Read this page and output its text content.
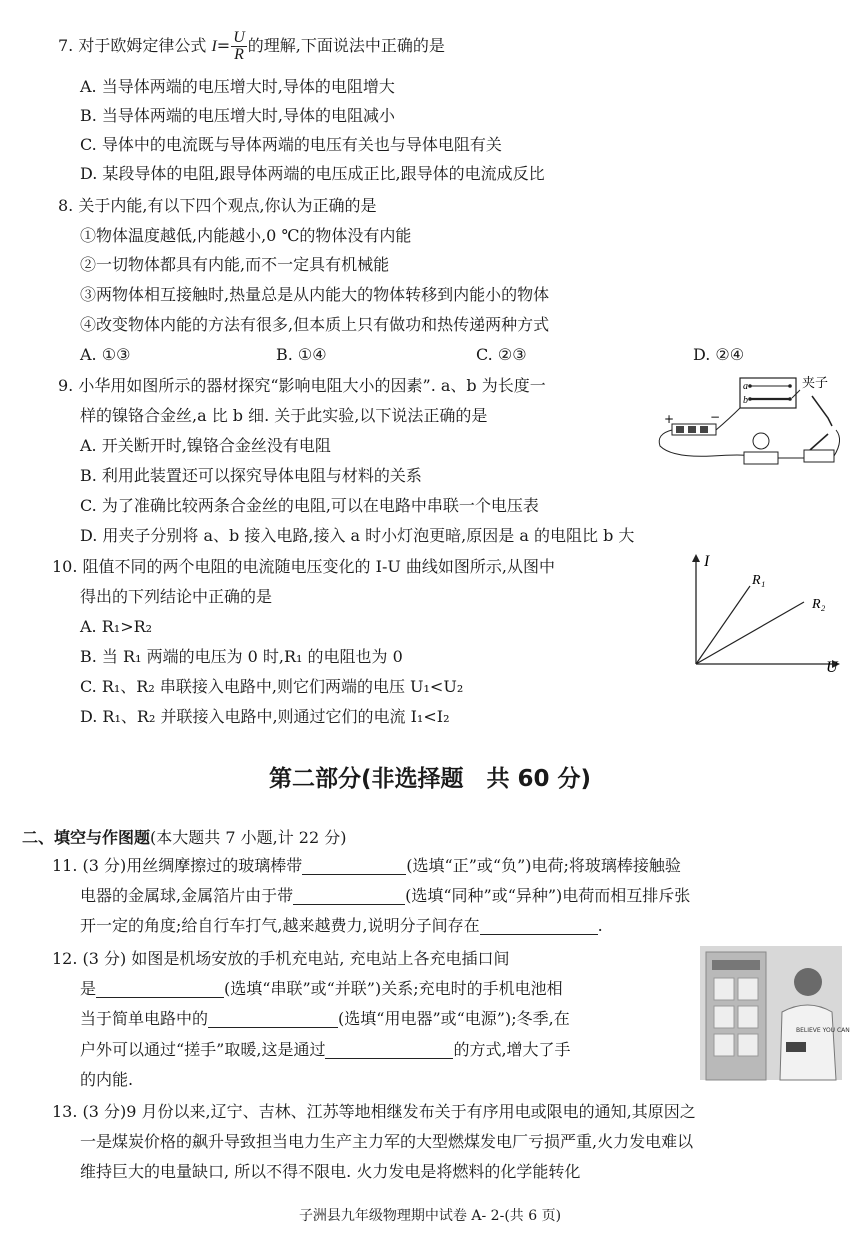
7. 对于欧姆定律公式 $I= \frac{U}{R}$ 的理解,下面说法中正确的是
A. 当导体两端的电压增大时,导体的电阻增大
B. 当导体两端的电压增大时,导体的电阻减小
C. 导体中的电流既与导体两端的电压有关也与导体电阻有关
D. 某段导体的电阻,跟导体两端的电压成正比,跟导体的电流成反比
8. 关于内能,有以下四个观点,你认为正确的是
①物体温度越低,内能越小,0 ℃的物体没有内能
②一切物体都具有内能,而不一定具有机械能
③两物体相互接触时,热量总是从内能大的物体转移到内能小的物体
④改变物体内能的方法有很多,但本质上只有做功和热传递两种方式
A. ①③	B. ①④	C. ②③	D. ②④
9. 小华用如图所示的器材探究“影响电阻大小的因素”. a、b 为长度一
样的镍铬合金丝,a 比 b 细. 关于此实验,以下说法正确的是
A. 开关断开时,镍铬合金丝没有电阻
B. 利用此装置还可以探究导体电阻与材料的关系
C. 为了准确比较两条合金丝的电阻,可以在电路中串联一个电压表
D. 用夹子分别将 a、b 接入电路,接入 a 时小灯泡更暗,原因是 a 的电阻比 b 大
a
b
夹子
+	−
10. 阻值不同的两个电阻的电流随电压变化的 I-U 曲线如图所示,从图中
得出的下列结论中正确的是
A. R₁>R₂
B. 当 R₁ 两端的电压为 0 时,R₁ 的电阻也为 0
C. R₁、R₂ 串联接入电路中,则它们两端的电压 U₁<U₂
D. R₁、R₂ 并联接入电路中,则通过它们的电流 I₁<I₂
I
U
R₁
R₂
第二部分(非选择题　共 60 分)
二、填空与作图题(本大题共 7 小题,计 22 分)
11. (3 分)用丝绸摩擦过的玻璃棒带	(选填“正”或“负”)电荷;将玻璃棒接触验
电器的金属球,金属箔片由于带	(选填“同种”或“异种”)电荷而相互排斥张
开一定的角度;给自行车打气,越来越费力,说明分子间存在	.
12. (3 分) 如图是机场安放的手机充电站, 充电站上各充电插口间
是	(选填“串联”或“并联”)关系;充电时的手机电池相
当于简单电路中的	(选填“用电器”或“电源”);冬季,在
户外可以通过“搓手”取暖,这是通过	的方式,增大了手
的内能.
BELIEVE YOU CAN
13. (3 分)9 月份以来,辽宁、吉林、江苏等地相继发布关于有序用电或限电的通知,其原因之
一是煤炭价格的飙升导致担当电力生产主力军的大型燃煤发电厂亏损严重,火力发电难以
维持巨大的电量缺口, 所以不得不限电. 火力发电是将燃料的化学能转化
子洲县九年级物理期中试卷 A- 2-(共 6 页)
